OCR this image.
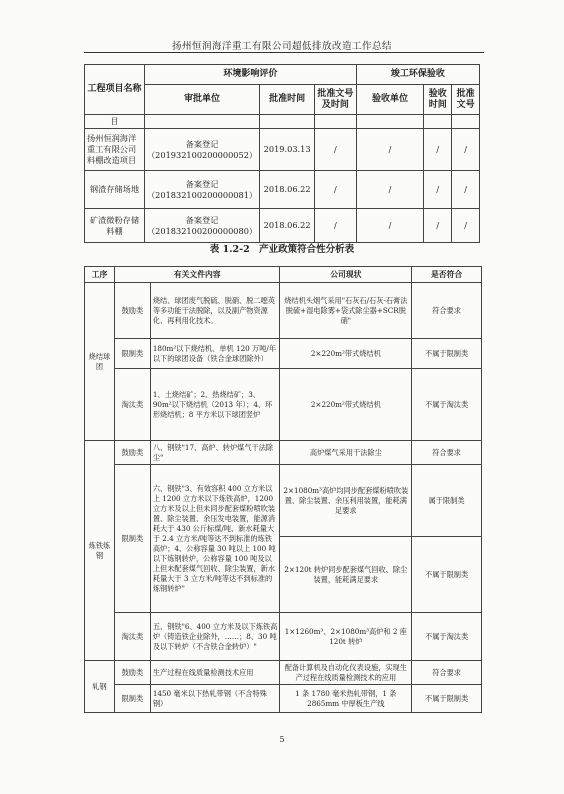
扬州恒润海洋重工有限公司超低排放改造工作总结
工程项目名称	环境影响评价			竣工环保验收		
	审批单位	批准时间	批准文号及时间	验收单位	验收时间	批准文号
目						
扬州恒润海洋重工有限公司料棚改造项目	备案登记（201932100200000052）	2019.03.13	/	/	/	/
钢渣存储场地	备案登记（201832100200000081）	2018.06.22	/	/	/	/
矿渣微粉存储料棚	备案登记（201832100200000080）	2018.06.22	/	/	/	/
表 1.2-2　产业政策符合性分析表
工序	有关文件内容		公司现状	是否符合
烧结球团	鼓励类	烧结、球团废气脱硫、脱硝、脱二噁英等多功能干法脱除，以及副产物资源化、再利用化技术。	烧结机头烟气采用"石灰石/石灰-石膏法脱硫+湿电除雾+袋式除尘器+SCR脱硝"	符合要求
	限制类	180m²以下烧结机、单机 120 万吨/年以下的球团设备（铁合金球团除外）	2×220m²带式烧结机	不属于限制类
	淘汰类	1、土烧结矿；2、热烧结矿；3、90m²以下烧结机（2013 年）；4、环形烧结机；8 平方米以下球团竖炉	2×220m²带式烧结机	不属于淘汰类
炼铁炼钢	鼓励类	八、钢铁"17、高炉、转炉煤气干法除尘"	高炉煤气采用干法除尘	符合要求
	限制类	六、钢铁"3、有效容积 400 立方米以上 1200 立方米以下炼铁高炉，1200 立方米及以上但未同步配套煤粉喷吹装置、除尘装置、余压发电装置，能源消耗大于 430 公斤标煤/吨、新水耗量大于 2.4 立方米/吨等达不到标准的炼铁高炉；4、公称容量 30 吨以上 100 吨以下炼钢转炉，公称容量 100 吨及以上但未配套煤气回收、除尘装置，新水耗量大于 3 立方米/吨等达不到标准的炼钢转炉"	2×1080m³高炉均同步配套煤粉喷吹装置、除尘装置、余压利用装置，能耗满足要求	属于限制类
			2×120t 转炉同步配套煤气回收、除尘装置，能耗满足要求	不属于限制类
	淘汰类	五、钢铁"6、400 立方米及以下炼铁高炉（铸造铁企业除外，……；8、30 吨及以下转炉（不含铁合金转炉）"	1×1260m³、2×1080m³高炉和 2 座 120t 转炉	不属于淘汰类
轧钢	鼓励类	生产过程在线质量检测技术应用	配备计算机及自动化仪表设施，实现生产过程在线质量检测技术的应用	符合要求
	限制类	1450 毫米以下热轧带钢（不含特殊钢）	1 条 1780 毫米热轧带钢，1 条 2865mm 中厚板生产线	不属于限制类
5
